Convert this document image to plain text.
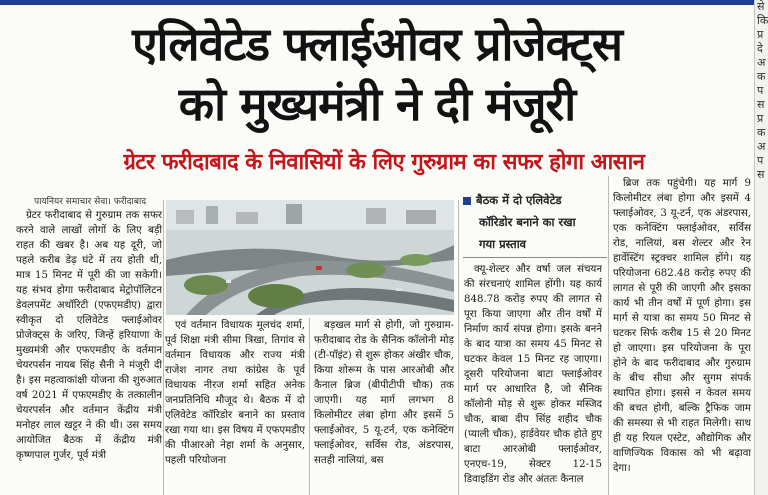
से
कि
प्र
दे
अ
क
प
स
प्र
क
अ
प
स
एलिवेटेड फ्लाईओवर प्रोजेक्ट्स
को मुख्यमंत्री ने दी मंजूरी
ग्रेटर फरीदाबाद के निवासियों के लिए गुरुग्राम का सफर होगा आसान
पायनियर समाचार सेवा। फरीदाबाद

ग्रेटर फरीदाबाद से गुरुग्राम तक सफर करने वाले लाखों लोगों के लिए बड़ी राहत की खबर है। अब यह दूरी, जो पहले करीब डेढ़ घंटे में तय होती थी, मात्र 15 मिनट में पूरी की जा सकेगी। यह संभव होगा फरीदाबाद मेट्रोपॉलिटन डेवलपमेंट अथॉरिटी (एफएमडीए) द्वारा स्वीकृत दो एलिवेटेड फ्लाईओवर प्रोजेक्ट्स के जरिए, जिन्हें हरियाणा के मुख्यमंत्री और एफएमडीए के वर्तमान चेयरपर्सन नायब सिंह सैनी ने मंजूरी दी है। इस महत्वाकांक्षी योजना की शुरुआत वर्ष 2021 में एफएमडीए के तत्कालीन चेयरपर्सन और वर्तमान केंद्रीय मंत्री मनोहर लाल खट्टर ने की थी। उस समय आयोजित बैठक में केंद्रीय मंत्री कृष्णपाल गुर्जर, पूर्व मंत्री

एवं वर्तमान विधायक मूलचंद शर्मा, पूर्व शिक्षा मंत्री सीमा त्रिखा, तिगांव से वर्तमान विधायक और राज्य मंत्री राजेश नागर तथा कांग्रेस के पूर्व विधायक नीरज शर्मा सहित अनेक जनप्रतिनिधि मौजूद थे। बैठक में दो एलिवेटेड कॉरिडोर बनाने का प्रस्ताव रखा गया था। इस विषय में एफएमडीए की पीआरओ नेहा शर्मा के अनुसार, पहली परियोजना

बड़खल मार्ग से होगी, जो गुरुग्राम-फरीदाबाद रोड के सैनिक कॉलोनी मोड़ (टी-पॉइंट) से शुरू होकर अंखीर चौक, किया शोरूम के पास आरओबी और कैनाल ब्रिज (बीपीटीपी चौक) तक जाएगी। यह मार्ग लगभग 8 किलोमीटर लंबा होगा और इसमें 5 फ्लाईओवर, 5 यू-टर्न, एक कनेक्टिंग फ्लाईओवर, सर्विस रोड, अंडरपास, सतही नालियां, बस

बैठक में दो एलिवेटेड
कॉरिडोर बनाने का रखा
गया प्रस्ताव

क्यू-शेल्टर और वर्षा जल संचयन की संरचनाएं शामिल होंगी। यह कार्य 848.78 करोड़ रुपए की लागत से पूरा किया जाएगा और तीन वर्षों में निर्माण कार्य संपन्न होगा। इसके बनने के बाद यात्रा का समय 45 मिनट से घटकर केवल 15 मिनट रह जाएगा। दूसरी परियोजना बाटा फ्लाईओवर मार्ग पर आधारित है, जो सैनिक कॉलोनी मोड़ से शुरू होकर मस्जिद चौक, बाबा दीप सिंह शहीद चौक (प्याली चौक), हार्डवेयर चौक होते हुए बाटा आरओबी फ्लाईओवर, एनएच-19, सेक्टर 12-15 डिवाइडिंग रोड और अंततः कैनाल

ब्रिज तक पहुंचेगी। यह मार्ग 9 किलोमीटर लंबा होगा और इसमें 4 फ्लाईओवर, 3 यू-टर्न, एक अंडरपास, एक कनेक्टिंग फ्लाईओवर, सर्विस रोड, नालियां, बस शेल्टर और रेन हार्वेस्टिंग स्ट्रक्चर शामिल होंगे। यह परियोजना 682.48 करोड़ रुपए की लागत से पूरी की जाएगी और इसका कार्य भी तीन वर्षों में पूर्ण होगा। इस मार्ग से यात्रा का समय 50 मिनट से घटकर सिर्फ करीब 15 से 20 मिनट हो जाएगा। इस परियोजना के पूरा होने के बाद फरीदाबाद और गुरुग्राम के बीच सीधा और सुगम संपर्क स्थापित होगा। इससे न केवल समय की बचत होगी, बल्कि ट्रैफिक जाम की समस्या से भी राहत मिलेगी। साथ ही यह रियल एस्टेट, औद्योगिक और वाणिज्यिक विकास को भी बढ़ावा देगा।
